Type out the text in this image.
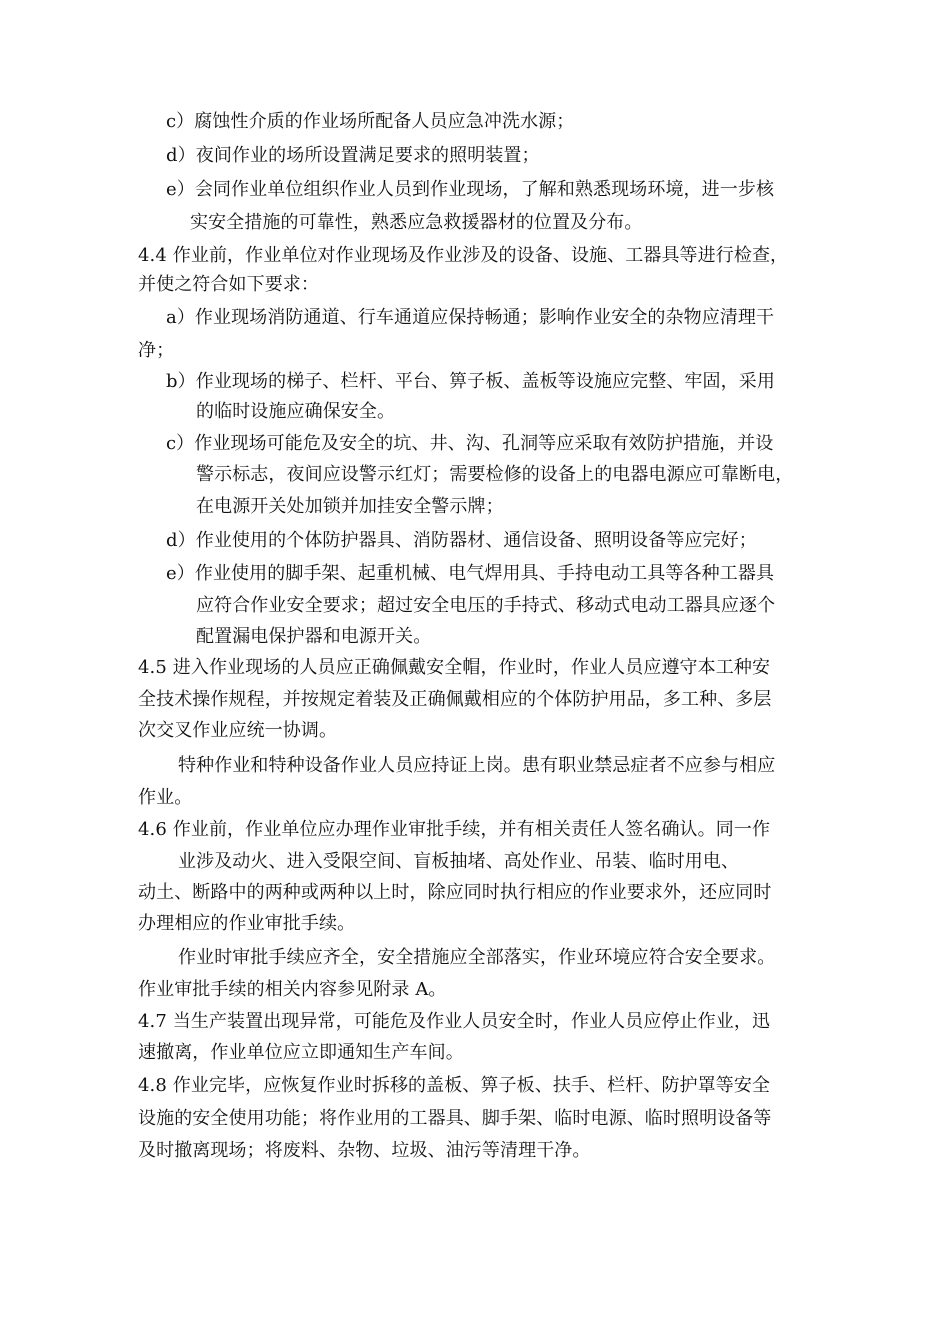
c）腐蚀性介质的作业场所配备人员应急冲洗水源；
d）夜间作业的场所设置满足要求的照明装置；
e）会同作业单位组织作业人员到作业现场，了解和熟悉现场环境，进一步核
实安全措施的可靠性，熟悉应急救援器材的位置及分布。
4.4 作业前，作业单位对作业现场及作业涉及的设备、设施、工器具等进行检查，
并使之符合如下要求：
a）作业现场消防通道、行车通道应保持畅通；影响作业安全的杂物应清理干
净；
b）作业现场的梯子、栏杆、平台、箅子板、盖板等设施应完整、牢固，采用
的临时设施应确保安全。
c）作业现场可能危及安全的坑、井、沟、孔洞等应采取有效防护措施，并设
警示标志，夜间应设警示红灯；需要检修的设备上的电器电源应可靠断电，
在电源开关处加锁并加挂安全警示牌；
d）作业使用的个体防护器具、消防器材、通信设备、照明设备等应完好；
e）作业使用的脚手架、起重机械、电气焊用具、手持电动工具等各种工器具
应符合作业安全要求；超过安全电压的手持式、移动式电动工器具应逐个
配置漏电保护器和电源开关。
4.5 进入作业现场的人员应正确佩戴安全帽，作业时，作业人员应遵守本工种安
全技术操作规程，并按规定着装及正确佩戴相应的个体防护用品，多工种、多层
次交叉作业应统一协调。
特种作业和特种设备作业人员应持证上岗。患有职业禁忌症者不应参与相应
作业。
4.6 作业前，作业单位应办理作业审批手续，并有相关责任人签名确认。同一作
业涉及动火、进入受限空间、盲板抽堵、高处作业、吊装、临时用电、
动土、断路中的两种或两种以上时，除应同时执行相应的作业要求外，还应同时
办理相应的作业审批手续。
作业时审批手续应齐全，安全措施应全部落实，作业环境应符合安全要求。
作业审批手续的相关内容参见附录 A。
4.7 当生产装置出现异常，可能危及作业人员安全时，作业人员应停止作业，迅
速撤离，作业单位应立即通知生产车间。
4.8 作业完毕，应恢复作业时拆移的盖板、箅子板、扶手、栏杆、防护罩等安全
设施的安全使用功能；将作业用的工器具、脚手架、临时电源、临时照明设备等
及时撤离现场；将废料、杂物、垃圾、油污等清理干净。
